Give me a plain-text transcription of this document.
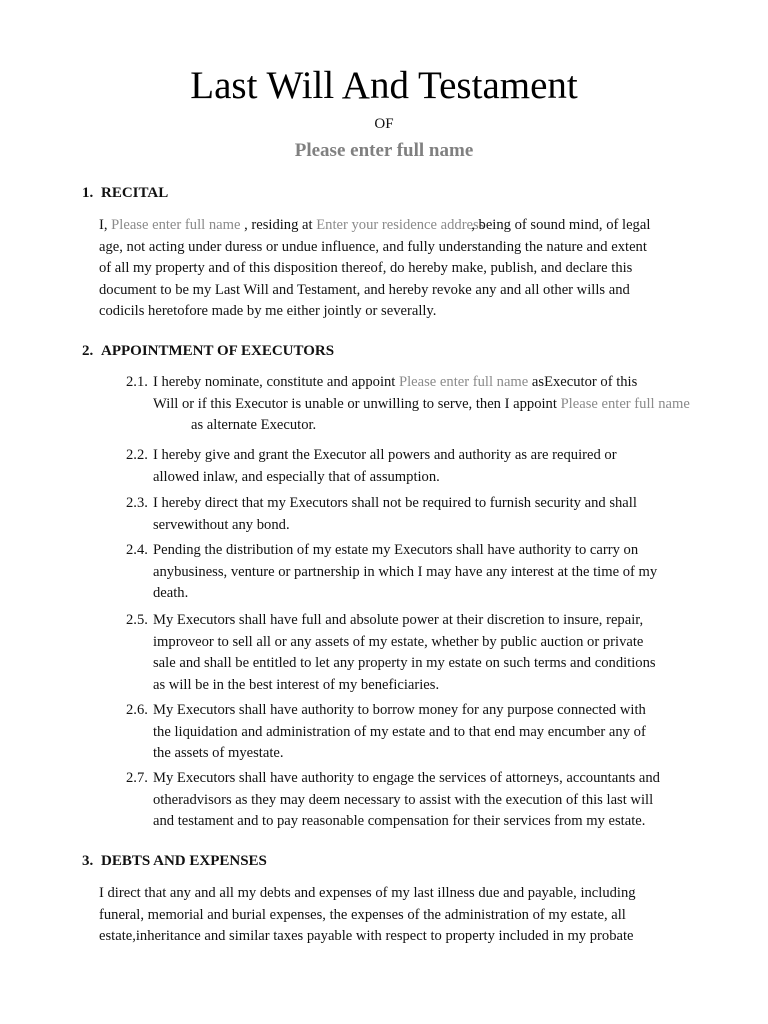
Last Will And Testament
OF
Please enter full name
1. RECITAL
I, Please enter full name , residing at Enter your residence address, being of sound mind, of legal
age, not acting under duress or undue influence, and fully understanding the nature and extent
of all my property and of this disposition thereof, do hereby make, publish, and declare this
document to be my Last Will and Testament, and hereby revoke any and all other wills and
codicils heretofore made by me either jointly or severally.
2. APPOINTMENT OF EXECUTORS
2.1. I hereby nominate, constitute and appoint Please enter full name asExecutor of this
Will or if this Executor is unable or unwilling to serve, then I appoint Please enter full name
as alternate Executor.
2.2. I hereby give and grant the Executor all powers and authority as are required or
allowed inlaw, and especially that of assumption.
2.3. I hereby direct that my Executors shall not be required to furnish security and shall
servewithout any bond.
2.4. Pending the distribution of my estate my Executors shall have authority to carry on
anybusiness, venture or partnership in which I may have any interest at the time of my
death.
2.5. My Executors shall have full and absolute power at their discretion to insure, repair,
improveor to sell all or any assets of my estate, whether by public auction or private
sale and shall be entitled to let any property in my estate on such terms and conditions
as will be in the best interest of my beneficiaries.
2.6. My Executors shall have authority to borrow money for any purpose connected with
the liquidation and administration of my estate and to that end may encumber any of
the assets of myestate.
2.7. My Executors shall have authority to engage the services of attorneys, accountants and
otheradvisors as they may deem necessary to assist with the execution of this last will
and testament and to pay reasonable compensation for their services from my estate.
3. DEBTS AND EXPENSES
I direct that any and all my debts and expenses of my last illness due and payable, including
funeral, memorial and burial expenses, the expenses of the administration of my estate, all
estate,inheritance and similar taxes payable with respect to property included in my probate
